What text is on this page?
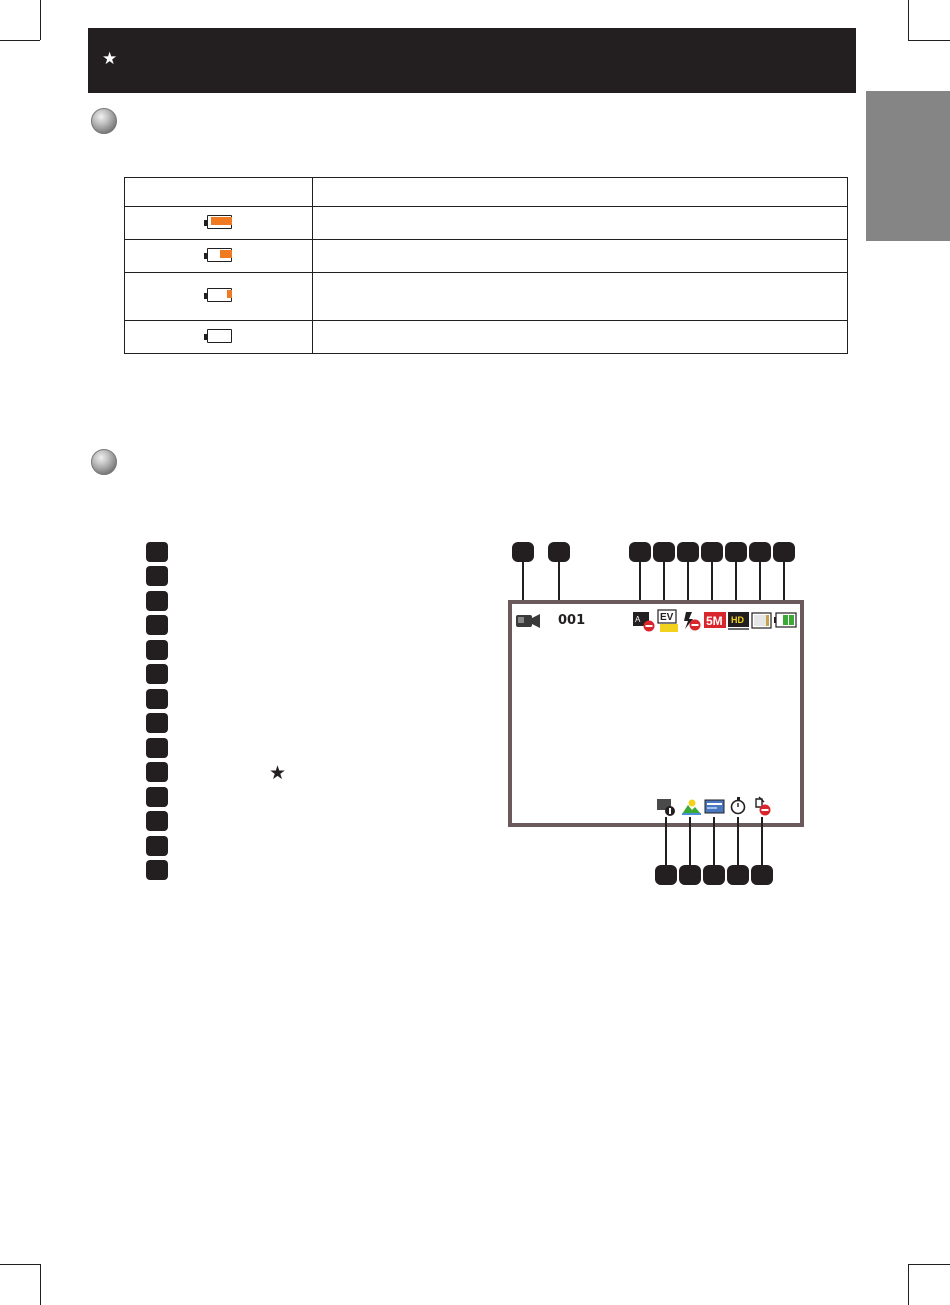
★

★
001	A EV	5M HD
